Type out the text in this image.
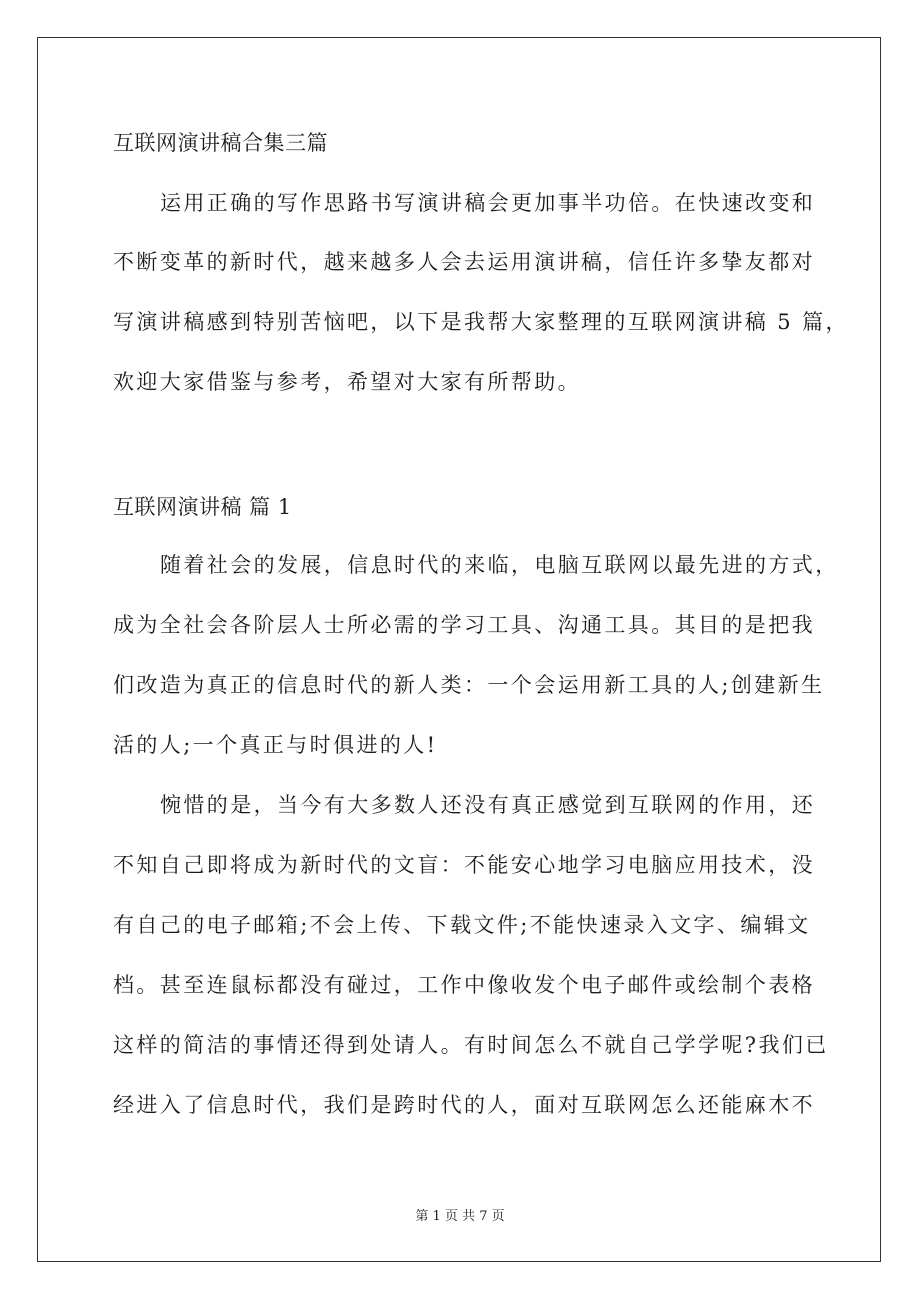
互联网演讲稿合集三篇
运用正确的写作思路书写演讲稿会更加事半功倍。在快速改变和
不断变革的新时代，越来越多人会去运用演讲稿，信任许多挚友都对
写演讲稿感到特别苦恼吧，以下是我帮大家整理的互联网演讲稿 5 篇，
欢迎大家借鉴与参考，希望对大家有所帮助。
互联网演讲稿 篇 1
随着社会的发展，信息时代的来临，电脑互联网以最先进的方式，
成为全社会各阶层人士所必需的学习工具、沟通工具。其目的是把我
们改造为真正的信息时代的新人类：一个会运用新工具的人;创建新生
活的人;一个真正与时俱进的人!
惋惜的是，当今有大多数人还没有真正感觉到互联网的作用，还
不知自己即将成为新时代的文盲：不能安心地学习电脑应用技术，没
有自己的电子邮箱;不会上传、下载文件;不能快速录入文字、编辑文
档。甚至连鼠标都没有碰过，工作中像收发个电子邮件或绘制个表格
这样的简洁的事情还得到处请人。有时间怎么不就自己学学呢?我们已
经进入了信息时代，我们是跨时代的人，面对互联网怎么还能麻木不
第 1 页 共 7 页
